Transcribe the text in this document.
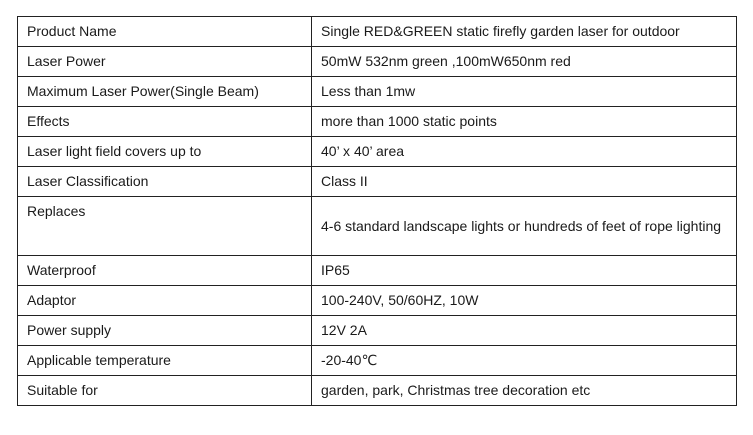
Product Name	Single RED&GREEN static firefly garden laser for outdoor
Laser Power	50mW 532nm green ,100mW650nm red
Maximum Laser Power(Single Beam)	Less than 1mw
Effects	more than 1000 static points
Laser light field covers up to	40’ x 40’ area
Laser Classification	Class II
Replaces	4-6 standard landscape lights or hundreds of feet of rope lighting
Waterproof	IP65
Adaptor	100-240V, 50/60HZ, 10W
Power supply	12V 2A
Applicable temperature	-20-40℃
Suitable for	garden, park, Christmas tree decoration etc
